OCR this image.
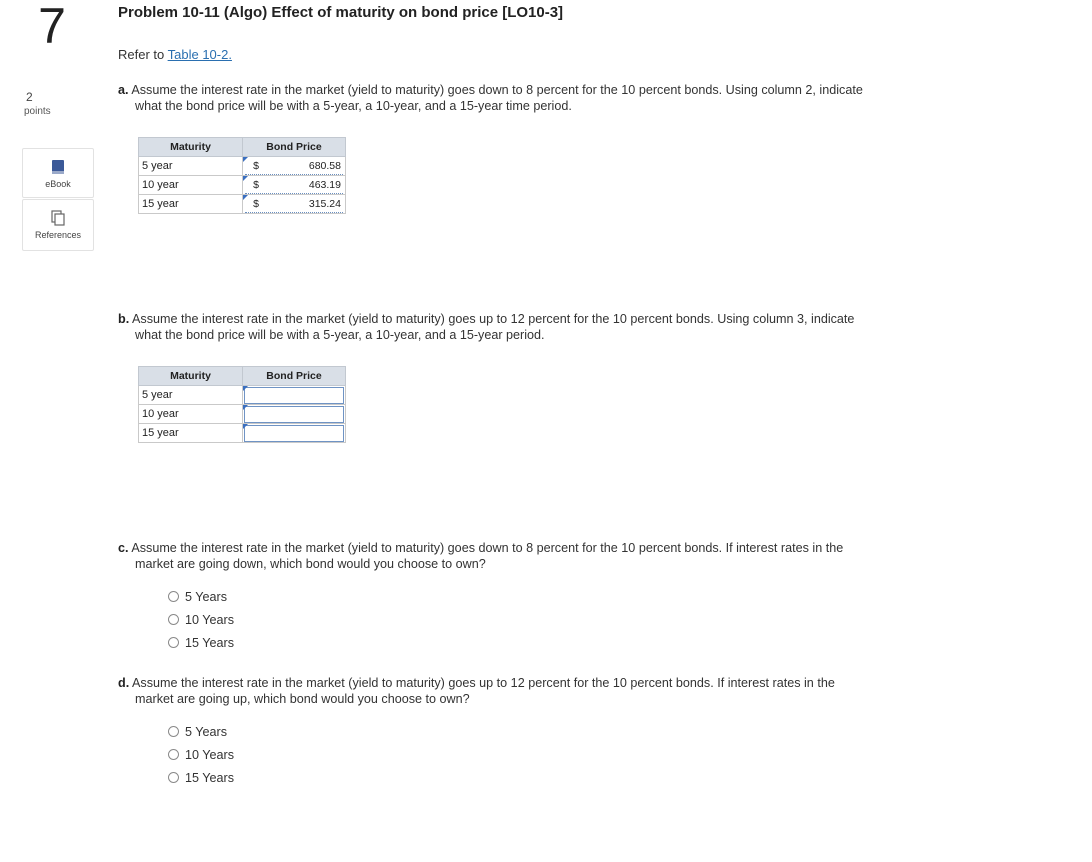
7
2
points
eBook
References
Problem 10-11 (Algo) Effect of maturity on bond price [LO10-3]
Refer to Table 10-2.
a. Assume the interest rate in the market (yield to maturity) goes down to 8 percent for the 10 percent bonds. Using column 2, indicate
what the bond price will be with a 5-year, a 10-year, and a 15-year time period.
Maturity	Bond Price
5 year	$ 680.58

10 year	$ 463.19

15 year	$ 315.24
b. Assume the interest rate in the market (yield to maturity) goes up to 12 percent for the 10 percent bonds. Using column 3, indicate
what the bond price will be with a 5-year, a 10-year, and a 15-year period.
Maturity	Bond Price
5 year	

10 year	

15 year	
c. Assume the interest rate in the market (yield to maturity) goes down to 8 percent for the 10 percent bonds. If interest rates in the
market are going down, which bond would you choose to own?
5 Years
10 Years
15 Years
d. Assume the interest rate in the market (yield to maturity) goes up to 12 percent for the 10 percent bonds. If interest rates in the
market are going up, which bond would you choose to own?
5 Years
10 Years
15 Years
